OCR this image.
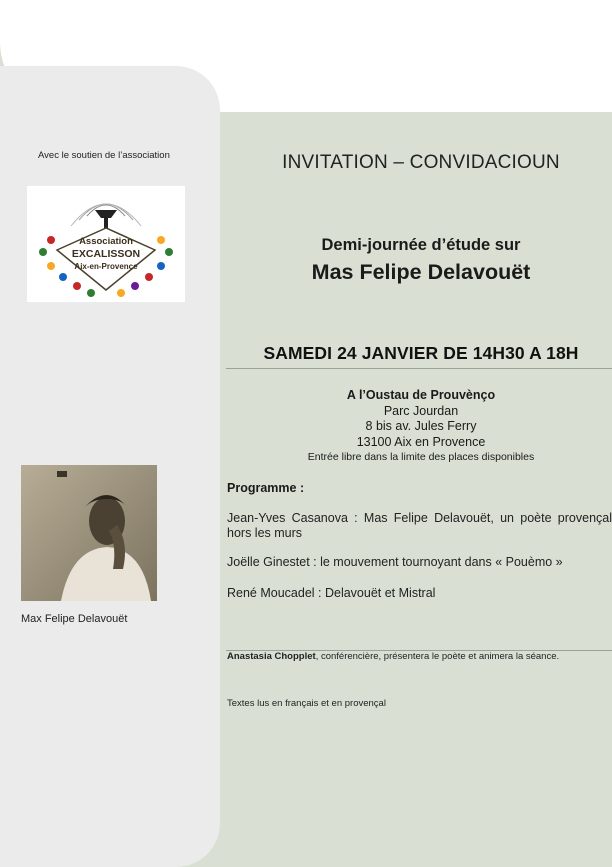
Avec le soutien de l’association
Association
EXCALISSON
Aix-en-Provence
Max Felipe Delavouët
INVITATION – CONVIDACIOUN
Demi-journée d’étude sur
Mas Felipe Delavouët
SAMEDI 24 JANVIER DE 14H30 A 18H
A l’Oustau de Prouvènço
Parc Jourdan
8 bis av. Jules Ferry
13100 Aix en Provence
Entrée libre dans la limite des places disponibles
Programme :
Jean-Yves Casanova : Mas Felipe Delavouët, un poète provençal hors les murs
Joëlle Ginestet : le mouvement tournoyant dans « Pouèmo »
René Moucadel : Delavouët et Mistral
Anastasia Chopplet, conférencière, présentera le poète et animera la séance.
Textes lus en français et en provençal
